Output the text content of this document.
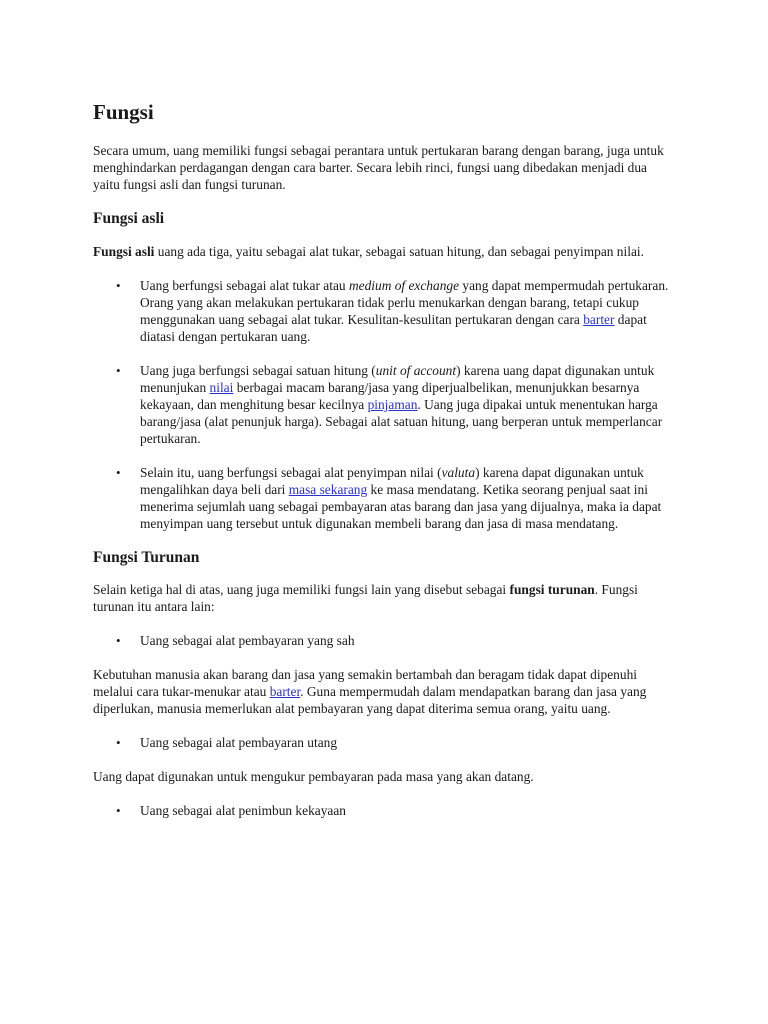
Fungsi

Secara umum, uang memiliki fungsi sebagai perantara untuk pertukaran barang dengan barang, juga untuk menghindarkan perdagangan dengan cara barter. Secara lebih rinci, fungsi uang dibedakan menjadi dua yaitu fungsi asli dan fungsi turunan.

Fungsi asli

Fungsi asli uang ada tiga, yaitu sebagai alat tukar, sebagai satuan hitung, dan sebagai penyimpan nilai.

• Uang berfungsi sebagai alat tukar atau medium of exchange yang dapat mempermudah pertukaran. Orang yang akan melakukan pertukaran tidak perlu menukarkan dengan barang, tetapi cukup menggunakan uang sebagai alat tukar. Kesulitan-kesulitan pertukaran dengan cara barter dapat diatasi dengan pertukaran uang.
• Uang juga berfungsi sebagai satuan hitung (unit of account) karena uang dapat digunakan untuk menunjukan nilai berbagai macam barang/jasa yang diperjualbelikan, menunjukkan besarnya kekayaan, dan menghitung besar kecilnya pinjaman. Uang juga dipakai untuk menentukan harga barang/jasa (alat penunjuk harga). Sebagai alat satuan hitung, uang berperan untuk memperlancar pertukaran.
• Selain itu, uang berfungsi sebagai alat penyimpan nilai (valuta) karena dapat digunakan untuk mengalihkan daya beli dari masa sekarang ke masa mendatang. Ketika seorang penjual saat ini menerima sejumlah uang sebagai pembayaran atas barang dan jasa yang dijualnya, maka ia dapat menyimpan uang tersebut untuk digunakan membeli barang dan jasa di masa mendatang.
Fungsi Turunan

Selain ketiga hal di atas, uang juga memiliki fungsi lain yang disebut sebagai fungsi turunan. Fungsi turunan itu antara lain:

• Uang sebagai alat pembayaran yang sah

Kebutuhan manusia akan barang dan jasa yang semakin bertambah dan beragam tidak dapat dipenuhi melalui cara tukar-menukar atau barter. Guna mempermudah dalam mendapatkan barang dan jasa yang diperlukan, manusia memerlukan alat pembayaran yang dapat diterima semua orang, yaitu uang.

• Uang sebagai alat pembayaran utang

Uang dapat digunakan untuk mengukur pembayaran pada masa yang akan datang.

• Uang sebagai alat penimbun kekayaan
